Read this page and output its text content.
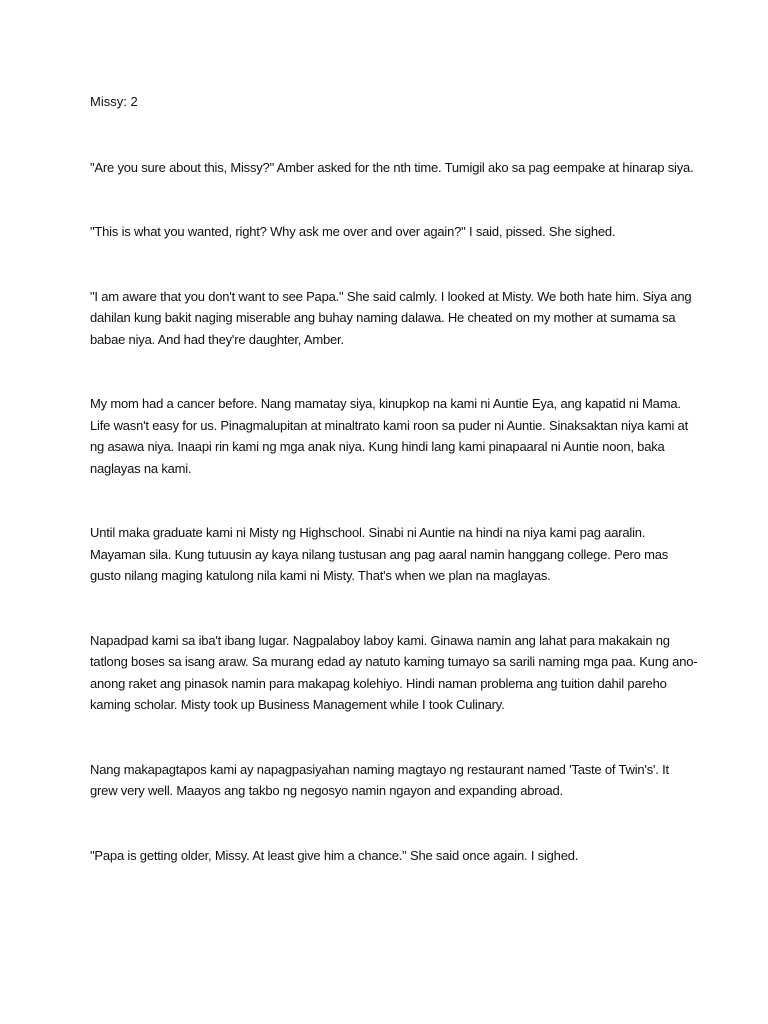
Missy: 2

"Are you sure about this, Missy?" Amber asked for the nth time. Tumigil ako sa pag eempake at hinarap siya.

"This is what you wanted, right? Why ask me over and over again?" I said, pissed. She sighed.

"I am aware that you don't want to see Papa." She said calmly. I looked at Misty. We both hate him. Siya ang dahilan kung bakit naging miserable ang buhay naming dalawa. He cheated on my mother at sumama sa babae niya. And had they're daughter, Amber.

My mom had a cancer before. Nang mamatay siya, kinupkop na kami ni Auntie Eya, ang kapatid ni Mama. Life wasn't easy for us. Pinagmalupitan at minaltrato kami roon sa puder ni Auntie. Sinaksaktan niya kami at ng asawa niya. Inaapi rin kami ng mga anak niya. Kung hindi lang kami pinapaaral ni Auntie noon, baka naglayas na kami.

Until maka graduate kami ni Misty ng Highschool. Sinabi ni Auntie na hindi na niya kami pag aaralin. Mayaman sila. Kung tutuusin ay kaya nilang tustusan ang pag aaral namin hanggang college. Pero mas gusto nilang maging katulong nila kami ni Misty. That's when we plan na maglayas.

Napadpad kami sa iba't ibang lugar. Nagpalaboy laboy kami. Ginawa namin ang lahat para makakain ng tatlong boses sa isang araw. Sa murang edad ay natuto kaming tumayo sa sarili naming mga paa. Kung ano-anong raket ang pinasok namin para makapag kolehiyo. Hindi naman problema ang tuition dahil pareho kaming scholar. Misty took up Business Management while I took Culinary.

Nang makapagtapos kami ay napagpasiyahan naming magtayo ng restaurant named 'Taste of Twin's'. It grew very well. Maayos ang takbo ng negosyo namin ngayon and expanding abroad.

"Papa is getting older, Missy. At least give him a chance." She said once again. I sighed.
